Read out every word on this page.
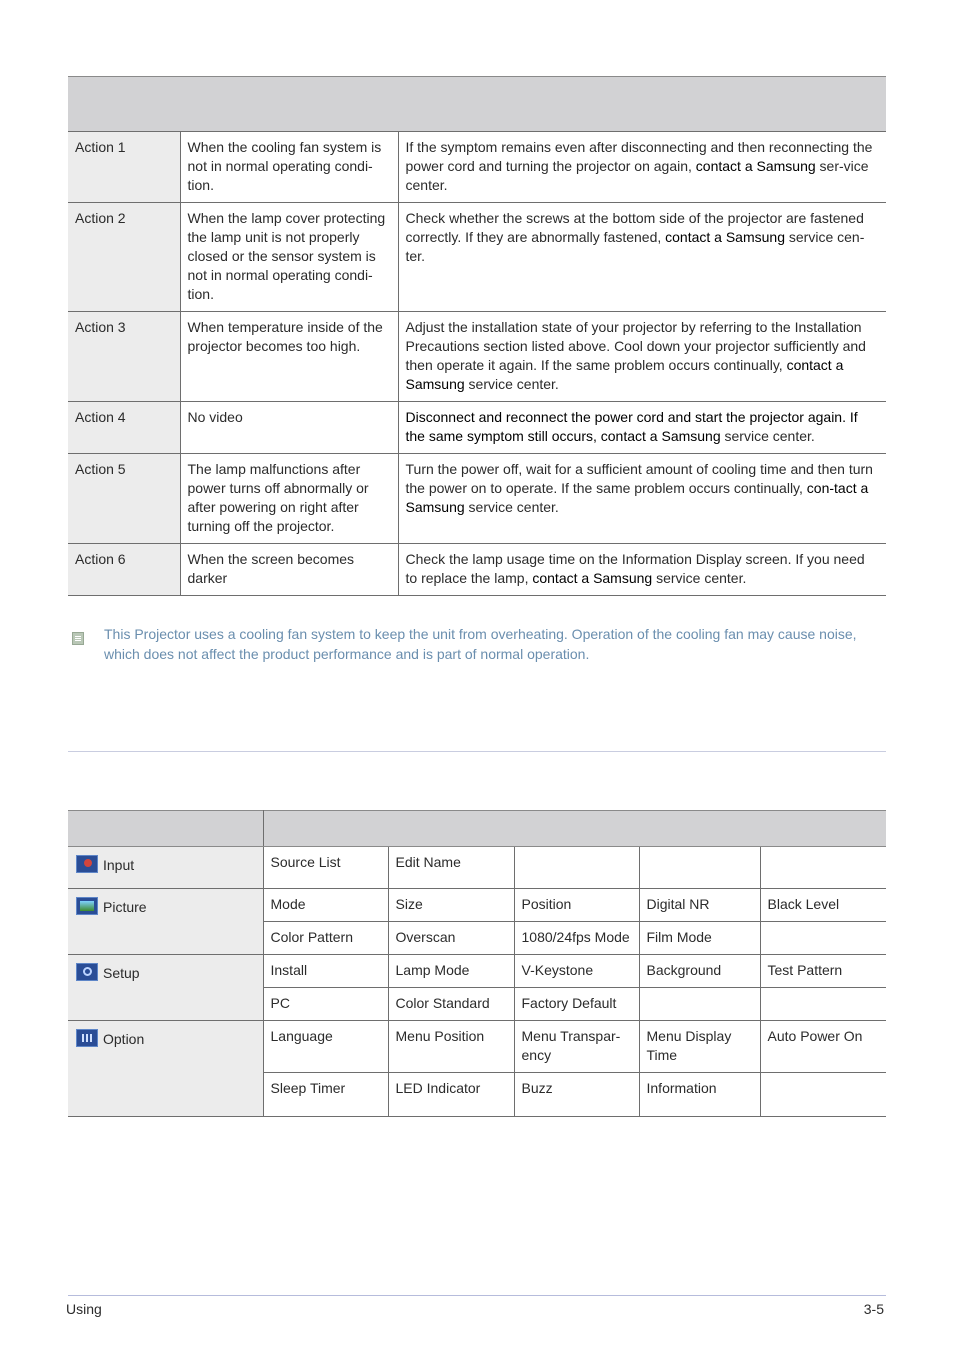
Action 1	When the cooling fan system is not in normal operating condi-tion.	If the symptom remains even after disconnecting and then reconnecting the power cord and turning the projector on again, contact a Samsung ser-vice center.
Action 2	When the lamp cover protecting the lamp unit is not properly closed or the sensor system is not in normal operating condi-tion.	Check whether the screws at the bottom side of the projector are fastened correctly. If they are abnormally fastened, contact a Samsung service cen-ter.
Action 3	When temperature inside of the projector becomes too high.	Adjust the installation state of your projector by referring to the Installation Precautions section listed above. Cool down your projector sufficiently and then operate it again. If the same problem occurs continually, contact a Samsung service center.
Action 4	No video	Disconnect and reconnect the power cord and start the projector again. If the same symptom still occurs, contact a Samsung service center.
Action 5	The lamp malfunctions after power turns off abnormally or after powering on right after turning off the projector.	Turn the power off, wait for a sufficient amount of cooling time and then turn the power on to operate. If the same problem occurs continually, con-tact a Samsung service center.
Action 6	When the screen becomes darker	Check the lamp usage time on the Information Display screen. If you need to replace the lamp, contact a Samsung service center.
This Projector uses a cooling fan system to keep the unit from overheating. Operation of the cooling fan may cause noise, which does not affect the product performance and is part of normal operation.

Input	Source List	Edit Name			
Picture	Mode	Size	Position	Digital NR	Black Level
	Color Pattern	Overscan	1080/24fps Mode	Film Mode	
Setup	Install	Lamp Mode	V-Keystone	Background	Test Pattern
	PC	Color Standard	Factory Default		
Option	Language	Menu Position	Menu Transpar-ency	Menu Display Time	Auto Power On
	Sleep Timer	LED Indicator	Buzz	Information	
Using	3-5
